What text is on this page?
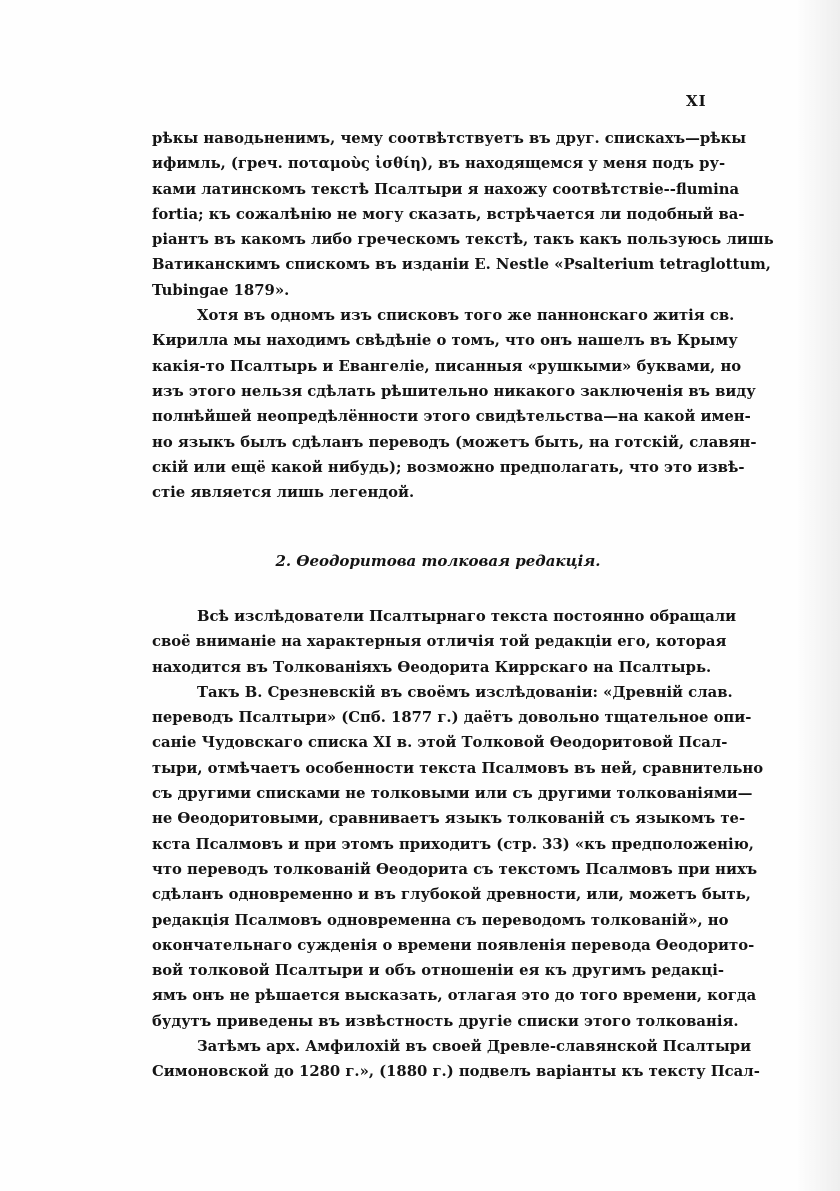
XI

рѣкы наводьненимъ, чему соотвѣтствуетъ въ друг. спискахъ—рѣкы
ифимль, (греч. ποταμοὺς ἰσθίη), въ находящемся у меня подъ ру-
ками латинскомъ текстѣ Псалтыри я нахожу соотвѣтствіе--flumina
fortia; къ сожалѣнію не могу сказать, встрѣчается ли подобный ва-
ріантъ въ какомъ либо греческомъ текстѣ, такъ какъ пользуюсь лишь
Ватиканскимъ спискомъ въ изданіи E. Nestle «Psalterium tetraglottum,
Tubingae 1879».

Хотя въ одномъ изъ списковъ того же паннонскаго житія св.
Кирилла мы находимъ свѣдѣніе о томъ, что онъ нашелъ въ Крыму
какія-то Псалтырь и Евангеліе, писанныя «рушкыми» буквами, но
изъ этого нельзя сдѣлать рѣшительно никакого заключенія въ виду
полнѣйшей неопредѣлённости этого свидѣтельства—на какой имен-
но языкъ былъ сдѣланъ переводъ (можетъ быть, на готскій, славян-
скій или ещё какой нибудь); возможно предполагать, что это извѣ-
стіе является лишь легендой.

2. Ѳеодоритова толковая редакція.

Всѣ изслѣдователи Псалтырнаго текста постоянно обращали
своё вниманіе на характерныя отличія той редакціи его, которая
находится въ Толкованіяхъ Ѳеодорита Киррскаго на Псалтырь.

Такъ В. Срезневскій въ своёмъ изслѣдованіи: «Древній слав.
переводъ Псалтыри» (Спб. 1877 г.) даётъ довольно тщательное опи-
саніе Чудовскаго списка XI в. этой Толковой Ѳеодоритовой Псал-
тыри, отмѣчаетъ особенности текста Псалмовъ въ ней, сравнительно
съ другими списками не толковыми или съ другими толкованіями—
не Ѳеодоритовыми, сравниваетъ языкъ толкованій съ языкомъ те-
кста Псалмовъ и при этомъ приходитъ (стр. 33) «къ предположенію,
что переводъ толкованій Ѳеодорита съ текстомъ Псалмовъ при нихъ
сдѣланъ одновременно и въ глубокой древности, или, можетъ быть,
редакція Псалмовъ одновременна съ переводомъ толкованій», но
окончательнаго сужденія о времени появленія перевода Ѳеодорито-
вой толковой Псалтыри и объ отношеніи ея къ другимъ редакці-
ямъ онъ не рѣшается высказать, отлагая это до того времени, когда
будутъ приведены въ извѣстность другіе списки этого толкованія.

Затѣмъ арх. Амфилохій въ своей Древле-славянской Псалтыри
Симоновской до 1280 г.», (1880 г.) подвелъ варіанты къ тексту Псал-
